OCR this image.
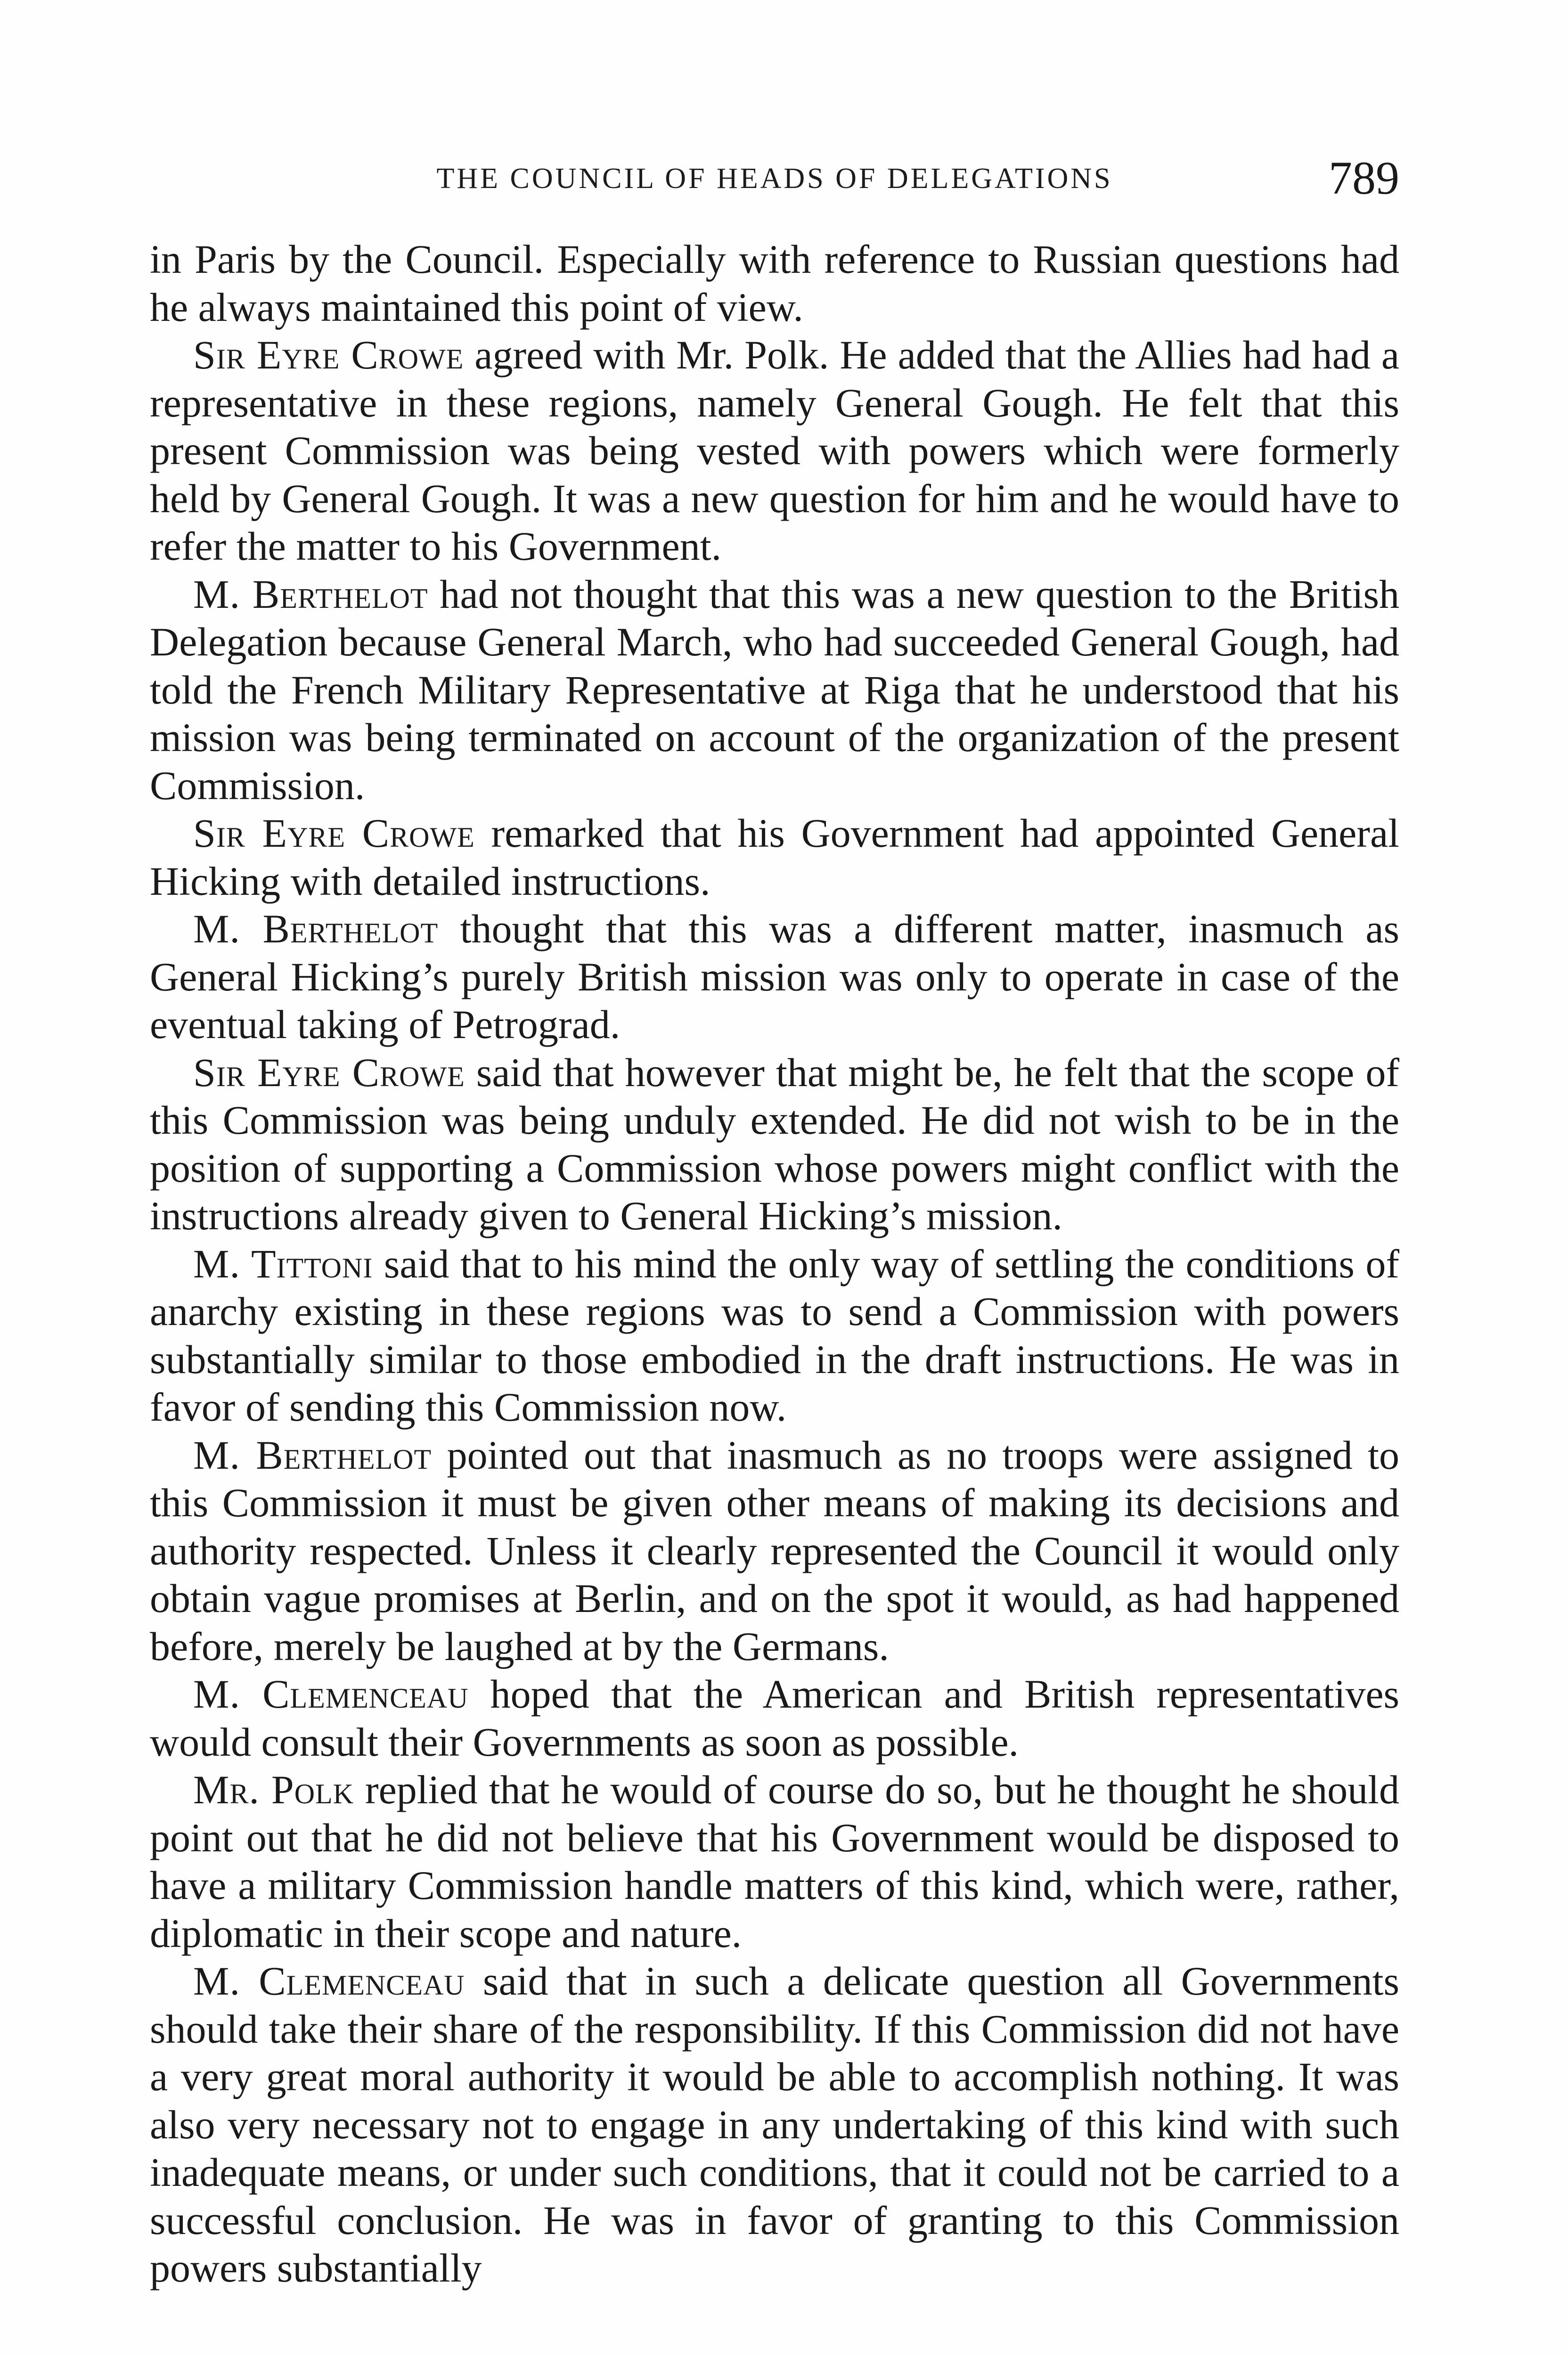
THE COUNCIL OF HEADS OF DELEGATIONS	789

in Paris by the Council. Especially with reference to Russian questions had he always maintained this point of view.

Sir Eyre Crowe agreed with Mr. Polk. He added that the Allies had had a representative in these regions, namely General Gough. He felt that this present Commission was being vested with powers which were formerly held by General Gough. It was a new question for him and he would have to refer the matter to his Government.

M. Berthelot had not thought that this was a new question to the British Delegation because General March, who had succeeded General Gough, had told the French Military Representative at Riga that he understood that his mission was being terminated on account of the organization of the present Commission.

Sir Eyre Crowe remarked that his Government had appointed General Hicking with detailed instructions.

M. Berthelot thought that this was a different matter, inasmuch as General Hicking’s purely British mission was only to operate in case of the eventual taking of Petrograd.

Sir Eyre Crowe said that however that might be, he felt that the scope of this Commission was being unduly extended. He did not wish to be in the position of supporting a Commission whose powers might conflict with the instructions already given to General Hicking’s mission.

M. Tittoni said that to his mind the only way of settling the conditions of anarchy existing in these regions was to send a Commission with powers substantially similar to those embodied in the draft instructions. He was in favor of sending this Commission now.

M. Berthelot pointed out that inasmuch as no troops were assigned to this Commission it must be given other means of making its decisions and authority respected. Unless it clearly represented the Council it would only obtain vague promises at Berlin, and on the spot it would, as had happened before, merely be laughed at by the Germans.

M. Clemenceau hoped that the American and British representatives would consult their Governments as soon as possible.

Mr. Polk replied that he would of course do so, but he thought he should point out that he did not believe that his Government would be disposed to have a military Commission handle matters of this kind, which were, rather, diplomatic in their scope and nature.

M. Clemenceau said that in such a delicate question all Governments should take their share of the responsibility. If this Commission did not have a very great moral authority it would be able to accomplish nothing. It was also very necessary not to engage in any undertaking of this kind with such inadequate means, or under such conditions, that it could not be carried to a successful conclusion. He was in favor of granting to this Commission powers substantially
